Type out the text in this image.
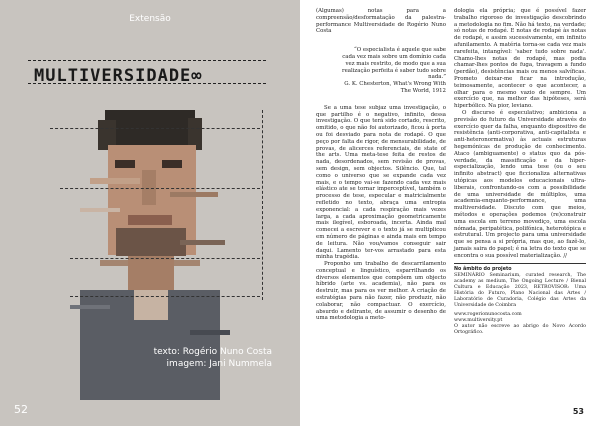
Extensão
MULTIVERSIDADE∞
texto: Rogério Nuno Costa
imagem: Jani Nummela
52

(Algumas) notas para a compreensão/desformatação da palestra-performance Multiversidade de Rogério Nuno Costa

“O especialista é aquele que sabe cada vez mais sobre um domínio cada vez mais restrito, de modo que a sua realização perfeita é saber tudo sobre nada.”
G. K. Chesterton, What's Wrong With The World, 1912

Se a uma tese subjaz uma investigação, o que partilho é o negativo, infinito, dessa investigação. O que terá sido cortado, rescrito, omitido, o que não foi autorizado, ficou à porta ou foi desviado para nota de rodapé. O que peço por falta de rigor, de mensurabilidade, de provas, de alicerces referenciais, de state of the arts. Uma meta-tese feita de restos de nada, desordenados, sem revisão de provas, sem design, sem objectos. Silêncio. Que, tal como o universo que se expande cada vez mais, e o tempo vai-se fazendo cada vez mais elástico ate se tornar imperceptível, também o processo de tese, especular e matricialmente refletido no texto, abraça uma entropia exponencial: a cada respiração mais vezes larga, a cada aproximação geometricamente mais ilegível, esboroada, incerta. Ainda mal comecei a escrever e o texto já se multiplicou em número de páginas e ainda mais em tempo de leitura. Não vou/vamos conseguir sair daqui. Lamento ter-vos arrastado para esta minha tragédia.

Proponho um trabalho de descarrilamento conceptual e linguístico, esparrilhando os diversos elementos que compõem um objecto híbrido (arte vs. academia), não para os destruir, mas para os ver melhor. A criação de estratégias para não fazer, não produzir, não colaborar, não compactuar. O exercício, absurdo e delirante, de assumir o desenho de uma metodologia a meto-

dologia ela própria; que é possível fazer trabalho rigoroso de investigação descobrindo a metodologia no fim. Não há texto, na verdade; só notas de rodapé. E notas de rodapé às notas de rodapé, e assim sucessivamente, em infinito afunilamento. A matéria torna-se cada vez mais rarefeita, intangível: 'saber tudo sobre nada'. Chamo-lhes notas de rodapé, mas podia chamar-lhes pontos de fuga, travagem a fundo (perdão), desistências mais ou menos salvíficas. Prometo deixar-me ficar na introdução, teimosamente, acontecer o que acontecer, a olhar para o mesmo vazio de sempre. Um exercício que, na melhor das hipóteses, será hiperbólico. Na pior, leviano.

O discurso é especulativo; ambiciona a previsão do futuro da Universidade através do exercício quer da falha, enquanto dispositivo de resistência (anti-corporativa, anti-capitalista e anti-heteronormativa) às actuais estruturas hegemónicas de produção de conhecimento. Ataco (ambiguamente) o status quo da pós-verdade, da massificação e da hiper-especialização, lendo uma tese (ou o seu infinito abstract) que ficcionaliza alternativas utópicas aos modelos educacionais ultra-liberais, confrontando-os com a possibilidade de uma universidade de múltiplos, uma academia-enquanto-performance, uma multiversidade. Discuto com que meios, métodos e operações podemos (re)construir uma escola em terreno movediço, uma escola nómada, peripatética, polifónica, heterotópica e estrutural. Um projecto para uma universidade que se pensa a si própria, mas que, ao fazê-lo, jamais saira do papel; é na letra do texto que se encontra o sua possível materialização. //

No âmbito do projeto
SEMINÁRIO Seminarium, curated research, The academy as medium, The Ongoing Lecture / Bienal Cultura e Educação 2023, RETROVISOR: Uma História do Futuro, Plano Nacional das Artes / Laboratório de Curadoria, Colégio das Artes da Universidade de Coimbra
www.rogerionunocosta.com
www.multiversity.pt
O autor não escreve ao abrigo do Novo Acordo Ortográfico.
53
